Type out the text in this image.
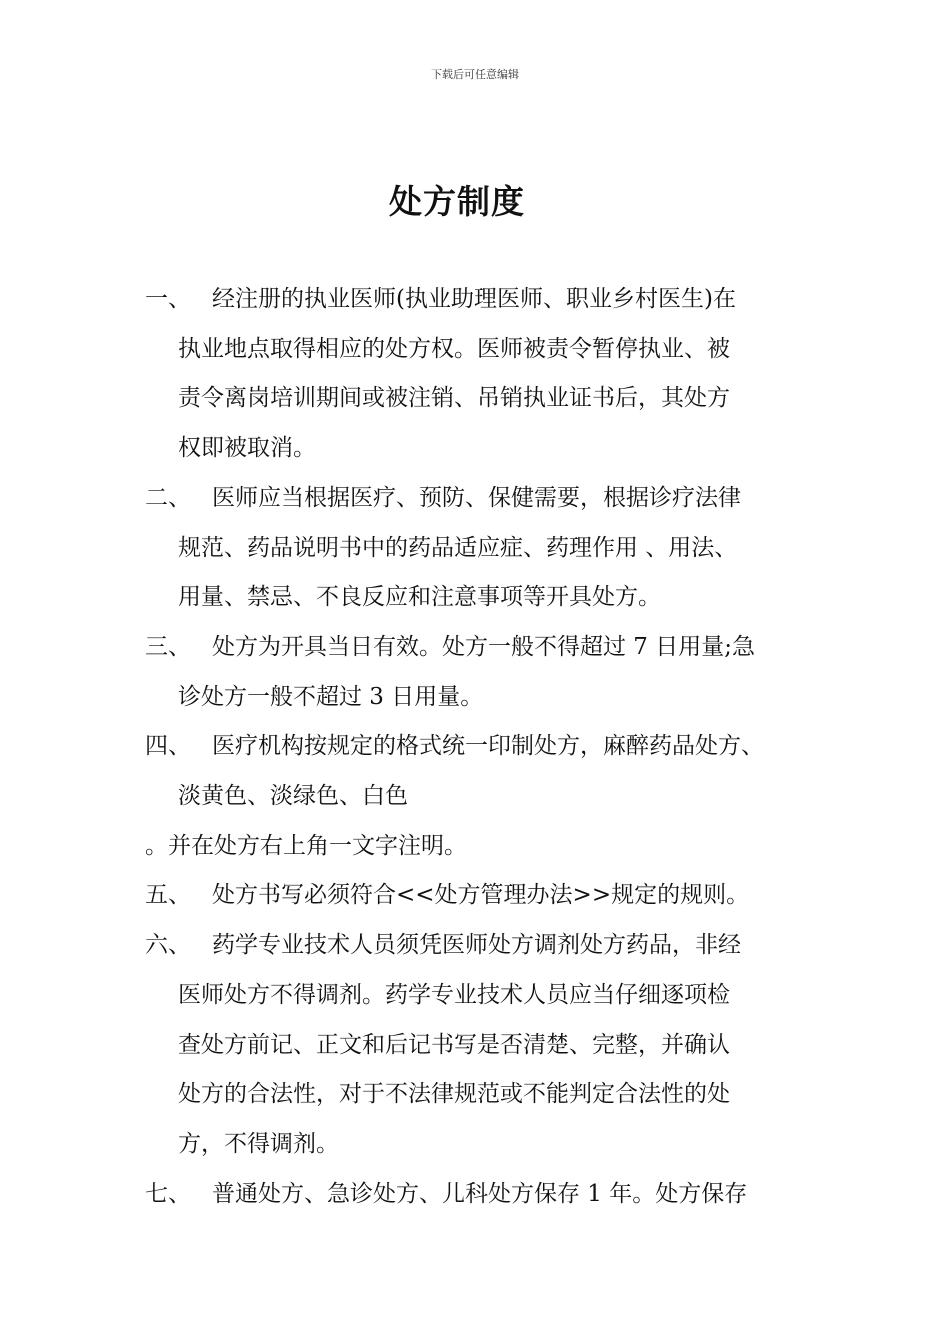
下载后可任意编辑
处方制度
一、 经注册的执业医师(执业助理医师、职业乡村医生)在
执业地点取得相应的处方权。医师被责令暂停执业、被
责令离岗培训期间或被注销、吊销执业证书后，其处方
权即被取消。
二、 医师应当根据医疗、预防、保健需要，根据诊疗法律
规范、药品说明书中的药品适应症、药理作用 、用法、
用量、禁忌、不良反应和注意事项等开具处方。
三、 处方为开具当日有效。处方一般不得超过 7 日用量;急
诊处方一般不超过 3 日用量。
四、 医疗机构按规定的格式统一印制处方，麻醉药品处方、
淡黄色、淡绿色、白色
。并在处方右上角一文字注明。
五、 处方书写必须符合<<处方管理办法>>规定的规则。
六、 药学专业技术人员须凭医师处方调剂处方药品，非经
医师处方不得调剂。药学专业技术人员应当仔细逐项检
查处方前记、正文和后记书写是否清楚、完整，并确认
处方的合法性，对于不法律规范或不能判定合法性的处
方，不得调剂。
七、 普通处方、急诊处方、儿科处方保存 1 年。处方保存
